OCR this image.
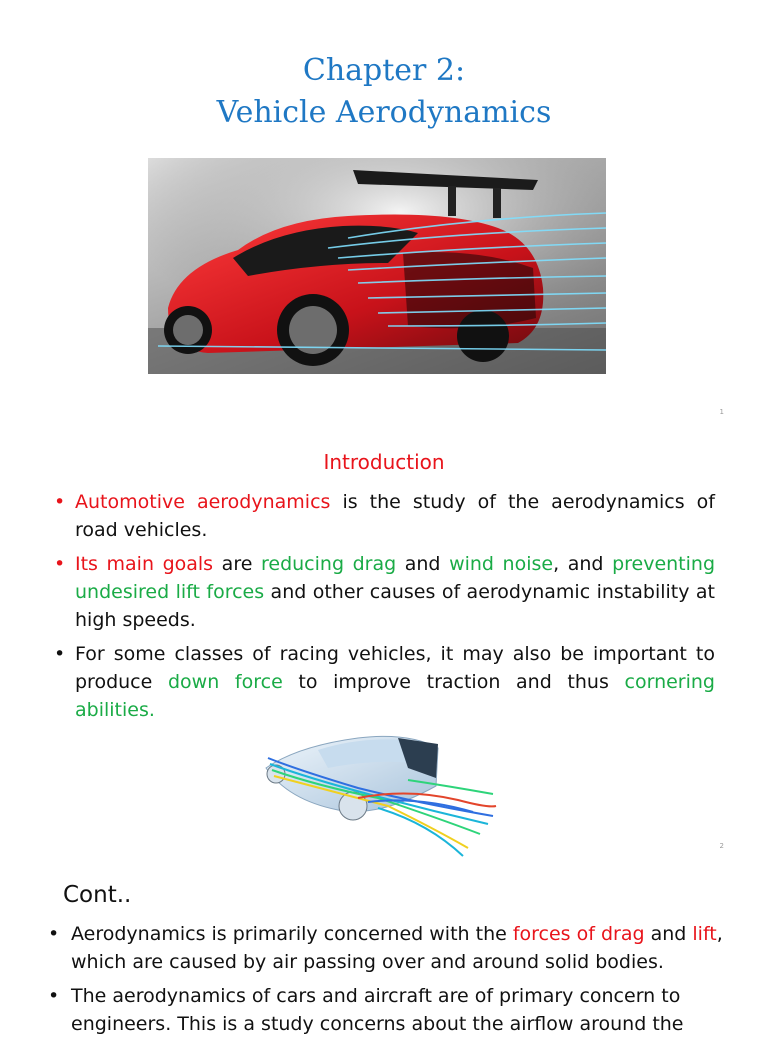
Chapter 2:
Vehicle Aerodynamics
1
Introduction
• Automotive aerodynamics is the study of the aerodynamics of road vehicles.
• Its main goals are reducing drag and wind noise, and preventing undesired lift forces and other causes of aerodynamic instability at high speeds.
• For some classes of racing vehicles, it may also be important to produce down force to improve traction and thus cornering abilities.
2
Cont..
• Aerodynamics is primarily concerned with the forces of drag and lift, which are caused by air passing over and around solid bodies.
• The aerodynamics of cars and aircraft are of primary concern to engineers. This is a study concerns about the airflow around the
